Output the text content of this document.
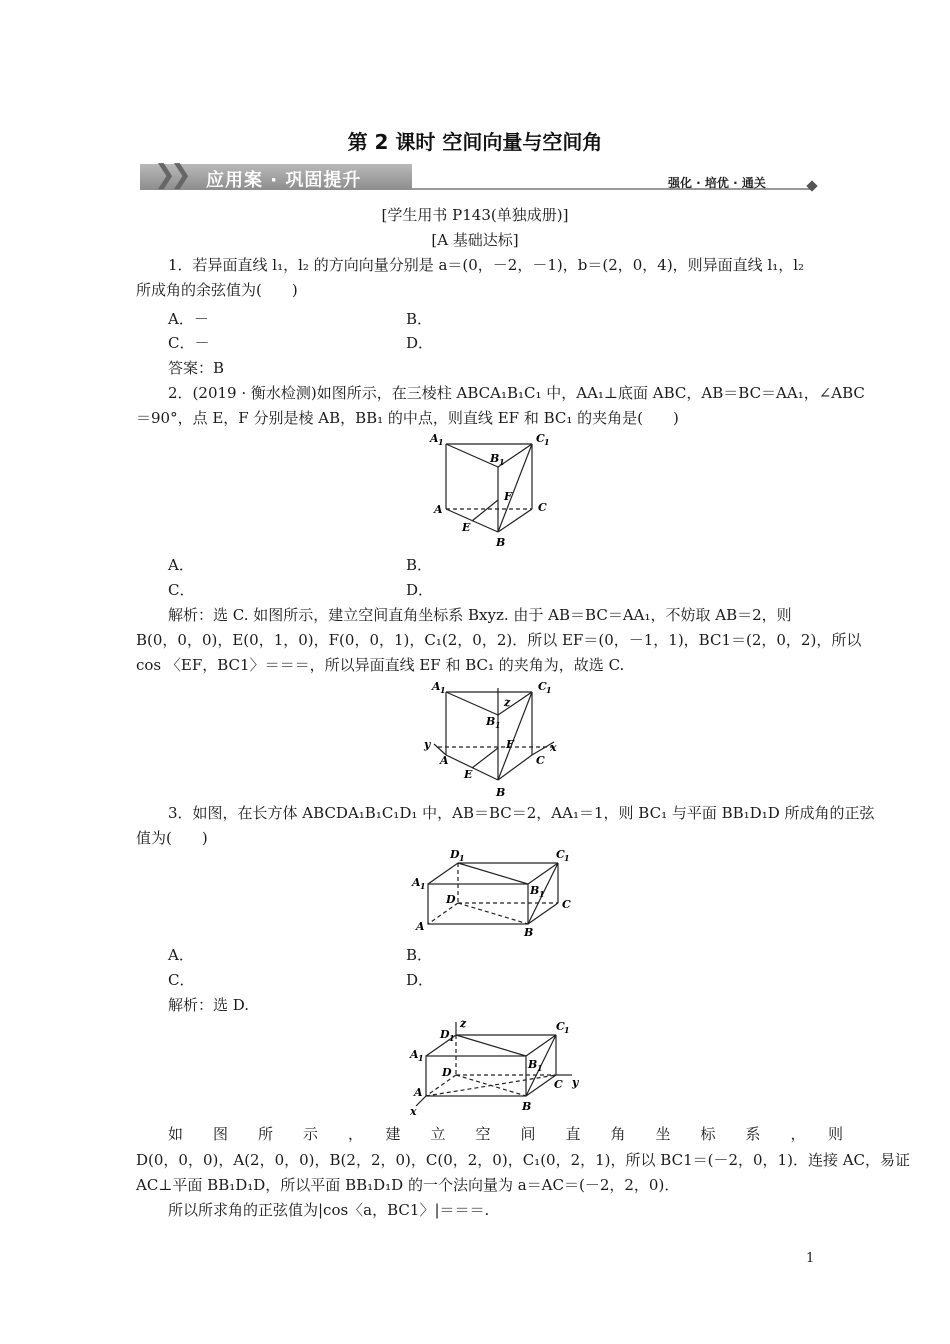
第 2 课时 空间向量与空间角
❯
❯ 应用案 · 巩固提升	强化 · 培优 · 通关
[学生用书 P143(单独成册)]
[A 基础达标]
1．若异面直线 l₁，l₂ 的方向向量分别是 a＝(0，－2，－1)，b＝(2，0，4)，则异面直线 l₁，l₂
所成角的余弦值为(　　)
A．－	B．
C．－	D．
答案：B
2．(2019 · 衡水检测)如图所示，在三棱柱 ABCA₁B₁C₁ 中，AA₁⊥底面 ABC，AB＝BC＝AA₁，∠ABC
＝90°，点 E，F 分别是棱 AB，BB₁ 的中点，则直线 EF 和 BC₁ 的夹角是(　　)
A 1	C 1
B 1
F
A	C
E
B
A．	B．
C．	D．
解析：选 C. 如图所示，建立空间直角坐标系 Bxyz. 由于 AB＝BC＝AA₁，不妨取 AB＝2，则
B(0，0，0)，E(0，1，0)，F(0，0，1)，C₁(2，0，2)．所以 EF＝(0，－1，1)，BC1＝(2，0，2)，所以
cos 〈EF，BC1〉＝＝＝，所以异面直线 EF 和 BC₁ 的夹角为，故选 C.
A 1
z
C 1
B 1
y	F	x
A	C
E
B
3．如图，在长方体 ABCDA₁B₁C₁D₁ 中，AB＝BC＝2，AA₁＝1，则 BC₁ 与平面 BB₁D₁D 所成角的正弦
值为(　　)
D 1	C 1
A 1	B 1
D	C
A	B
A．	B．
C．	D．
解析：选 D.
D 1
z	C 1
A 1	B 1
D
C y
A
B
x
如　　图　　所　　示　　，　　建　　立　　空　　间　　直　　角　　坐　　标　　系　　，　　则
D(0，0，0)，A(2，0，0)，B(2，2，0)，C(0，2，0)，C₁(0，2，1)，所以 BC1＝(－2，0，1)．连接 AC，易证
AC⊥平面 BB₁D₁D，所以平面 BB₁D₁D 的一个法向量为 a＝AC＝(－2，2，0)．
所以所求角的正弦值为|cos〈a，BC1〉|＝＝＝.
1
